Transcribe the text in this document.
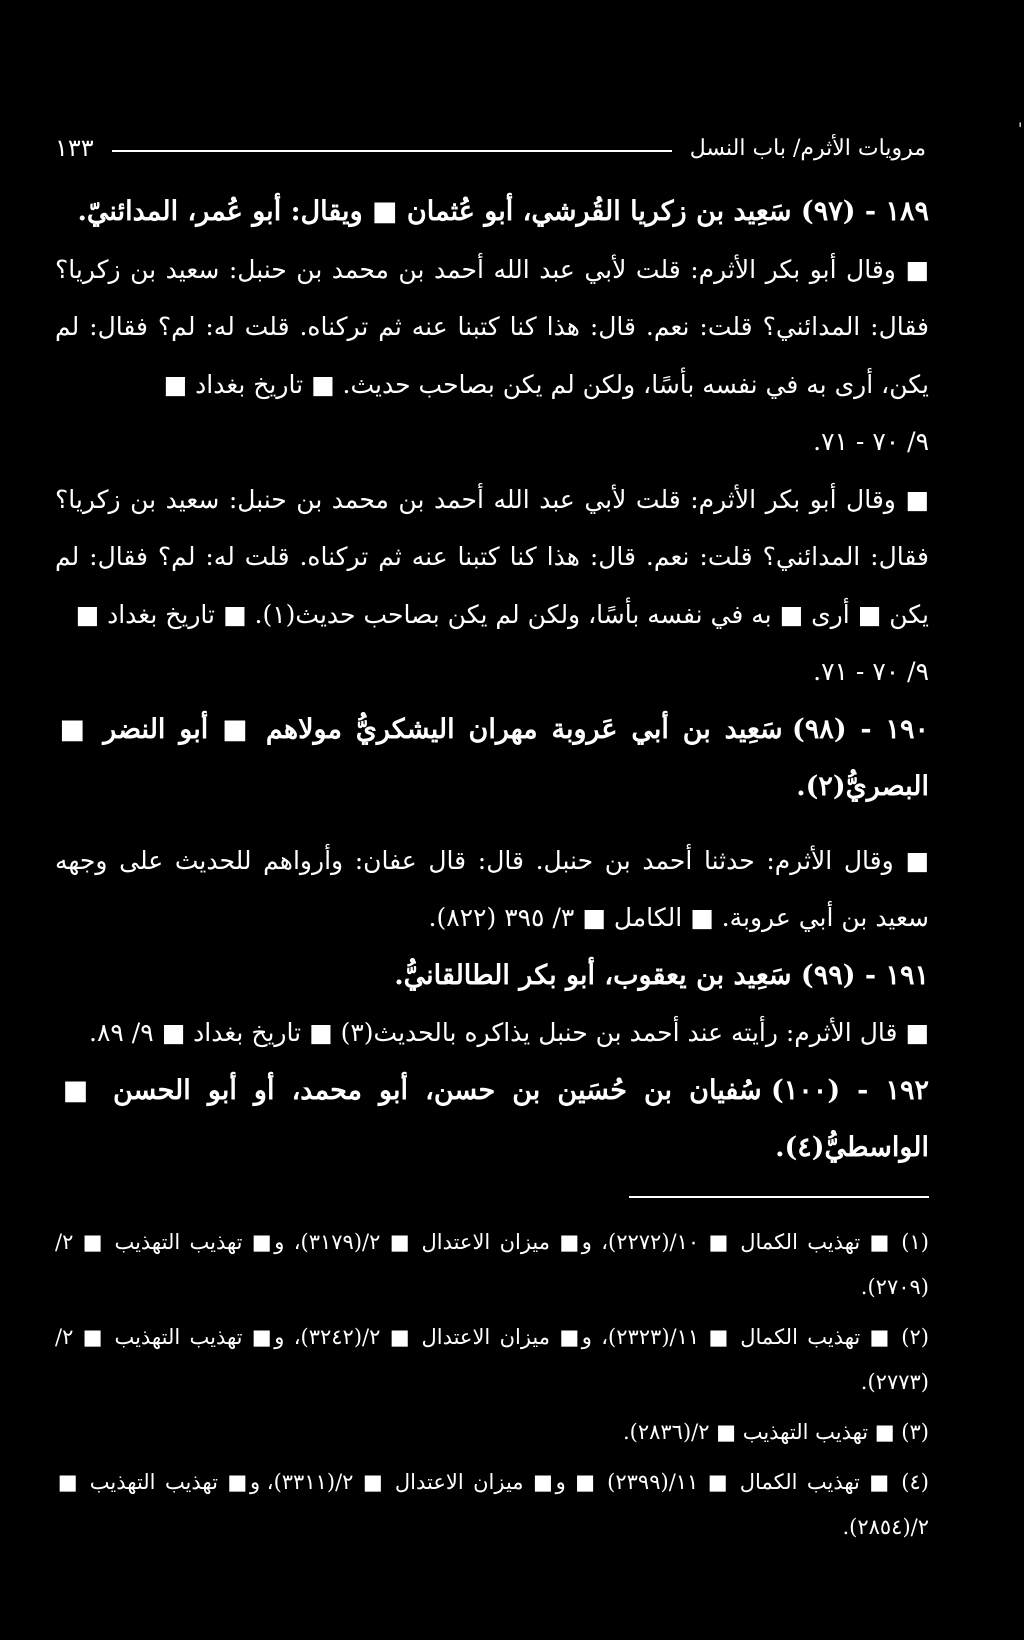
'
مرويات الأثرم/ باب النسل
١٣٣
١٨٩ - (٩٧) سَعِيد بن زكريا القُرشي، أبو عُثمان ■ ويقال: أبو عُمر، المدائنيّ.

■ وقال أبو بكر الأثرم: قلت لأبي عبد الله أحمد بن محمد بن حنبل: سعيد بن زكريا؟ فقال: المدائني؟ قلت: نعم. قال: هذا كنا كتبنا عنه ثم تركناه. قلت له: لم؟ فقال: لم يكن، أرى به في نفسه بأسًا، ولكن لم يكن بصاحب حديث. ■ تاريخ بغداد ■

٩/ ٧٠ - ٧١.

■ وقال أبو بكر الأثرم: قلت لأبي عبد الله أحمد بن محمد بن حنبل: سعيد بن زكريا؟ فقال: المدائني؟ قلت: نعم. قال: هذا كنا كتبنا عنه ثم تركناه. قلت له: لم؟ فقال: لم يكن ■ أرى ■ به في نفسه بأسًا، ولكن لم يكن بصاحب حديث(١). ■ تاريخ بغداد ■

٩/ ٧٠ - ٧١.

١٩٠ - (٩٨) سَعِيد بن أبي عَروبة مهران اليشكريُّ مولاهم ■ أبو النضر ■ البصريُّ(٢).

■ وقال الأثرم: حدثنا أحمد بن حنبل. قال: قال عفان: وأرواهم للحديث على وجهه سعيد بن أبي عروبة. ■ الكامل ■ ٣/ ٣٩٥ (٨٢٢).

١٩١ - (٩٩) سَعِيد بن يعقوب، أبو بكر الطالقانيُّ.

■ قال الأثرم: رأيته عند أحمد بن حنبل يذاكره بالحديث(٣) ■ تاريخ بغداد ■ ٩/ ٨٩.

١٩٢ - (١٠٠) سُفيان بن حُسَين بن حسن، أبو محمد، أو أبو الحسن ■ الواسطيُّ(٤).

(١) ■ تهذيب الكمال ■ ١٠/(٢٢٧٢)، و■ ميزان الاعتدال ■ ٢/(٣١٧٩)، و■ تهذيب التهذيب ■ ٢/ (٢٧٠٩).

(٢) ■ تهذيب الكمال ■ ١١/(٢٣٢٣)، و■ ميزان الاعتدال ■ ٢/(٣٢٤٢)، و■ تهذيب التهذيب ■ ٢/ (٢٧٧٣).

(٣) ■ تهذيب التهذيب ■ ٢/(٢٨٣٦).

(٤) ■ تهذيب الكمال ■ ١١/(٢٣٩٩) ■ و■ ميزان الاعتدال ■ ٢/(٣٣١١)، و■ تهذيب التهذيب ■ ٢/(٢٨٥٤).
